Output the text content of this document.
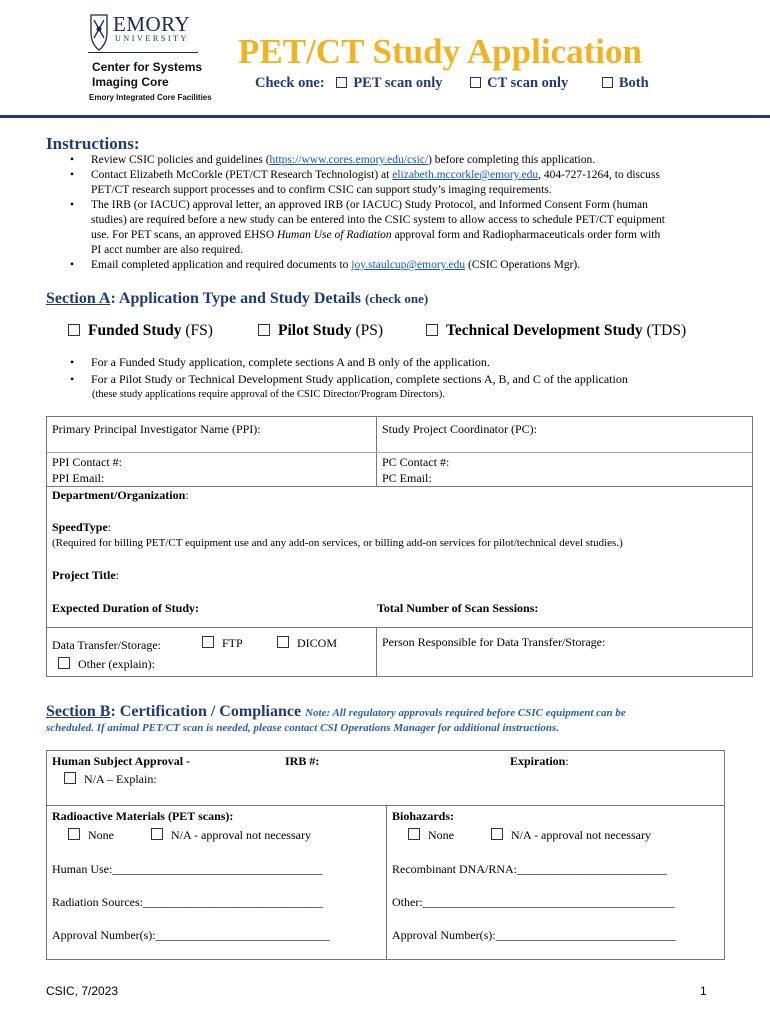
EMORY
UNIVERSITY
Center for Systems
Imaging Core
Emory Integrated Core Facilities
PET/CT Study Application
Check one: PET scan only	CT scan only	Both
Instructions:
• Review CSIC policies and guidelines (https://www.cores.emory.edu/csic/) before completing this application.
• Contact Elizabeth McCorkle (PET/CT Research Technologist) at elizabeth.mccorkle@emory.edu, 404-727-1264, to discuss
PET/CT research support processes and to confirm CSIC can support study’s imaging requirements.
• The IRB (or IACUC) approval letter, an approved IRB (or IACUC) Study Protocol, and Informed Consent Form (human
studies) are required before a new study can be entered into the CSIC system to allow access to schedule PET/CT equipment
use. For PET scans, an approved EHSO Human Use of Radiation approval form and Radiopharmaceuticals order form with
PI acct number are also required.
• Email completed application and required documents to joy.staulcup@emory.edu (CSIC Operations Mgr).
Section A: Application Type and Study Details (check one)
Funded Study (FS)	Pilot Study (PS)	Technical Development Study (TDS)
• For a Funded Study application, complete sections A and B only of the application.
• For a Pilot Study or Technical Development Study application, complete sections A, B, and C of the application
(these study applications require approval of the CSIC Director/Program Directors).
Primary Principal Investigator Name (PPI):	Study Project Coordinator (PC):
PPI Contact #:	PC Contact #:
PPI Email:	PC Email:
Department/Organization:
SpeedType:
(Required for billing PET/CT equipment use and any add-on services, or billing add-on services for pilot/technical devel studies.)
Project Title:
Expected Duration of Study:	Total Number of Scan Sessions:
Data Transfer/Storage:	FTP	DICOM
Other (explain):
Person Responsible for Data Transfer/Storage:
Section B: Certification / Compliance Note: All regulatory approvals required before CSIC equipment can be
scheduled. If animal PET/CT scan is needed, please contact CSI Operations Manager for additional instructions.
Human Subject Approval -	IRB #:	Expiration:
N/A – Explain:
Radioactive Materials (PET scans):	Biohazards:
None	N/A - approval not necessary	None	N/A - approval not necessary
Human Use:___________________________________	Recombinant DNA/RNA:_________________________
Radiation Sources:______________________________	Other:__________________________________________
Approval Number(s):_____________________________	Approval Number(s):______________________________
CSIC, 7/2023	1
